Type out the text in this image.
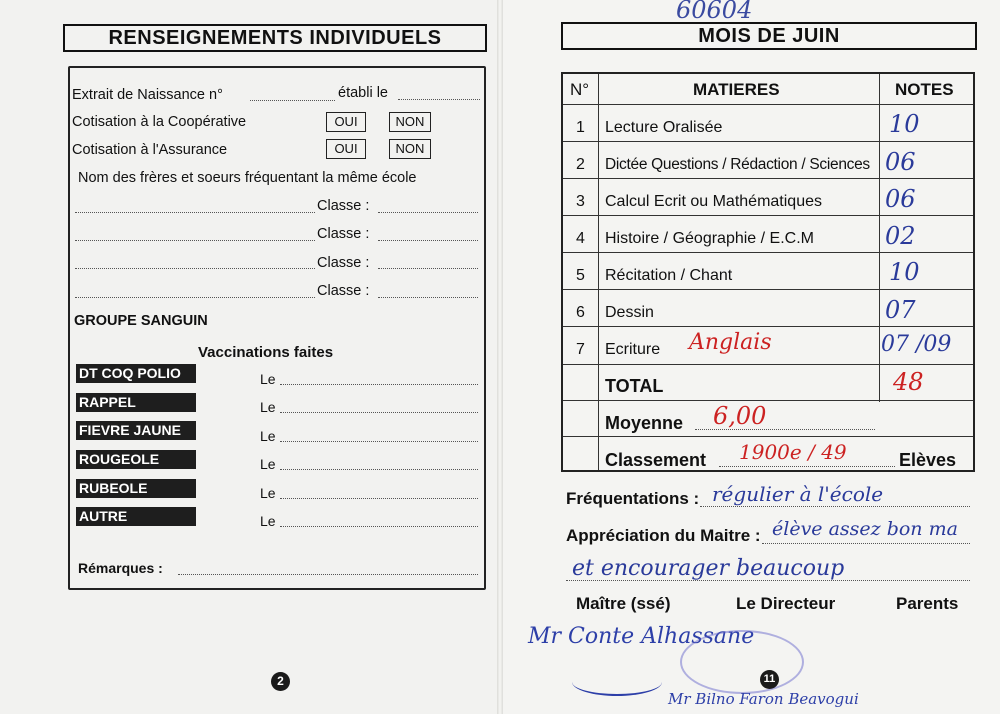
RENSEIGNEMENTS INDIVIDUELS
Extrait de Naissance n°	établi le
Cotisation à la Coopérative	OUI	NON
Cotisation à l'Assurance	OUI	NON
Nom des frères et soeurs fréquentant la même école
Classe :
Classe :
Classe :
Classe :
GROUPE SANGUIN
Vaccinations faites
DT COQ POLIO	Le
RAPPEL	Le
FIEVRE JAUNE	Le
ROUGEOLE	Le
RUBEOLE	Le
AUTRE	Le
Rémarques :
2
60604
MOIS DE JUIN
N°	MATIERES	NOTES
1 Lecture Oralisée	10
2 Dictée Questions / Rédaction / Sciences 06
3 Calcul Ecrit ou Mathématiques	06
4 Histoire / Géographie / E.C.M	02
5 Récitation / Chant	10
6 Dessin	07
7 Ecriture Anglais	07 /09
TOTAL	48
Moyenne 6,00
Classement 1900e / 49	Elèves
Fréquentations : régulier à l'école
Appréciation du Maitre : élève assez bon ma
et encourager beaucoup
Maître (ssé)	Le Directeur	Parents
Mr Conte Alhassane
Mr Bilno Faron Beavogui
11
